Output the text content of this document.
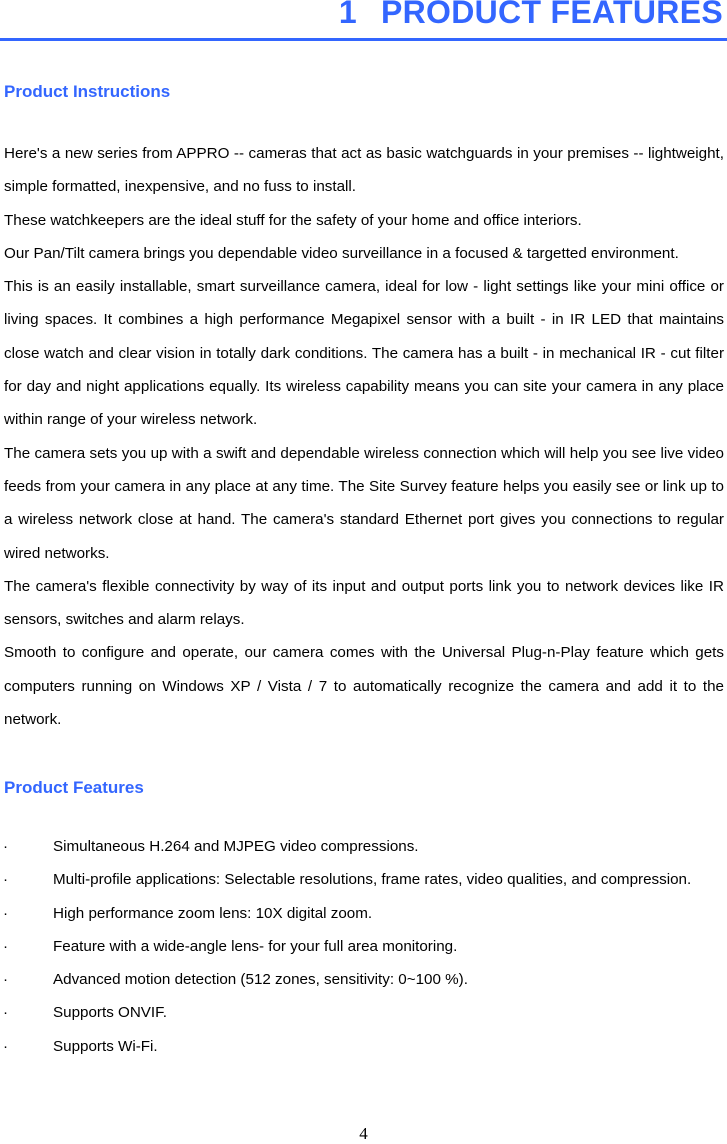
1 PRODUCT FEATURES
Product Instructions

Here's a new series from APPRO -- cameras that act as basic watchguards in your premises -- lightweight, simple formatted, inexpensive, and no fuss to install.

These watchkeepers are the ideal stuff for the safety of your home and office interiors.

Our Pan/Tilt camera brings you dependable video surveillance in a focused & targetted environment.

This is an easily installable, smart surveillance camera, ideal for low - light settings like your mini office or living spaces. It combines a high performance Megapixel sensor with a built - in IR LED that maintains close watch and clear vision in totally dark conditions. The camera has a built - in mechanical IR - cut filter for day and night applications equally. Its wireless capability means you can site your camera in any place within range of your wireless network.

The camera sets you up with a swift and dependable wireless connection which will help you see live video feeds from your camera in any place at any time. The Site Survey feature helps you easily see or link up to a wireless network close at hand. The camera's standard Ethernet port gives you connections to regular wired networks.

The camera's flexible connectivity by way of its input and output ports link you to network devices like IR sensors, switches and alarm relays.

Smooth to configure and operate, our camera comes with the Universal Plug-n-Play feature which gets computers running on Windows XP / Vista / 7 to automatically recognize the camera and add it to the network.

Product Features
·	Simultaneous H.264 and MJPEG video compressions.
·	Multi-profile applications: Selectable resolutions, frame rates, video qualities, and compression.
·	High performance zoom lens: 10X digital zoom.
·	Feature with a wide-angle lens- for your full area monitoring.
·	Advanced motion detection (512 zones, sensitivity: 0~100 %).
·	Supports ONVIF.
·	Supports Wi-Fi.
4
